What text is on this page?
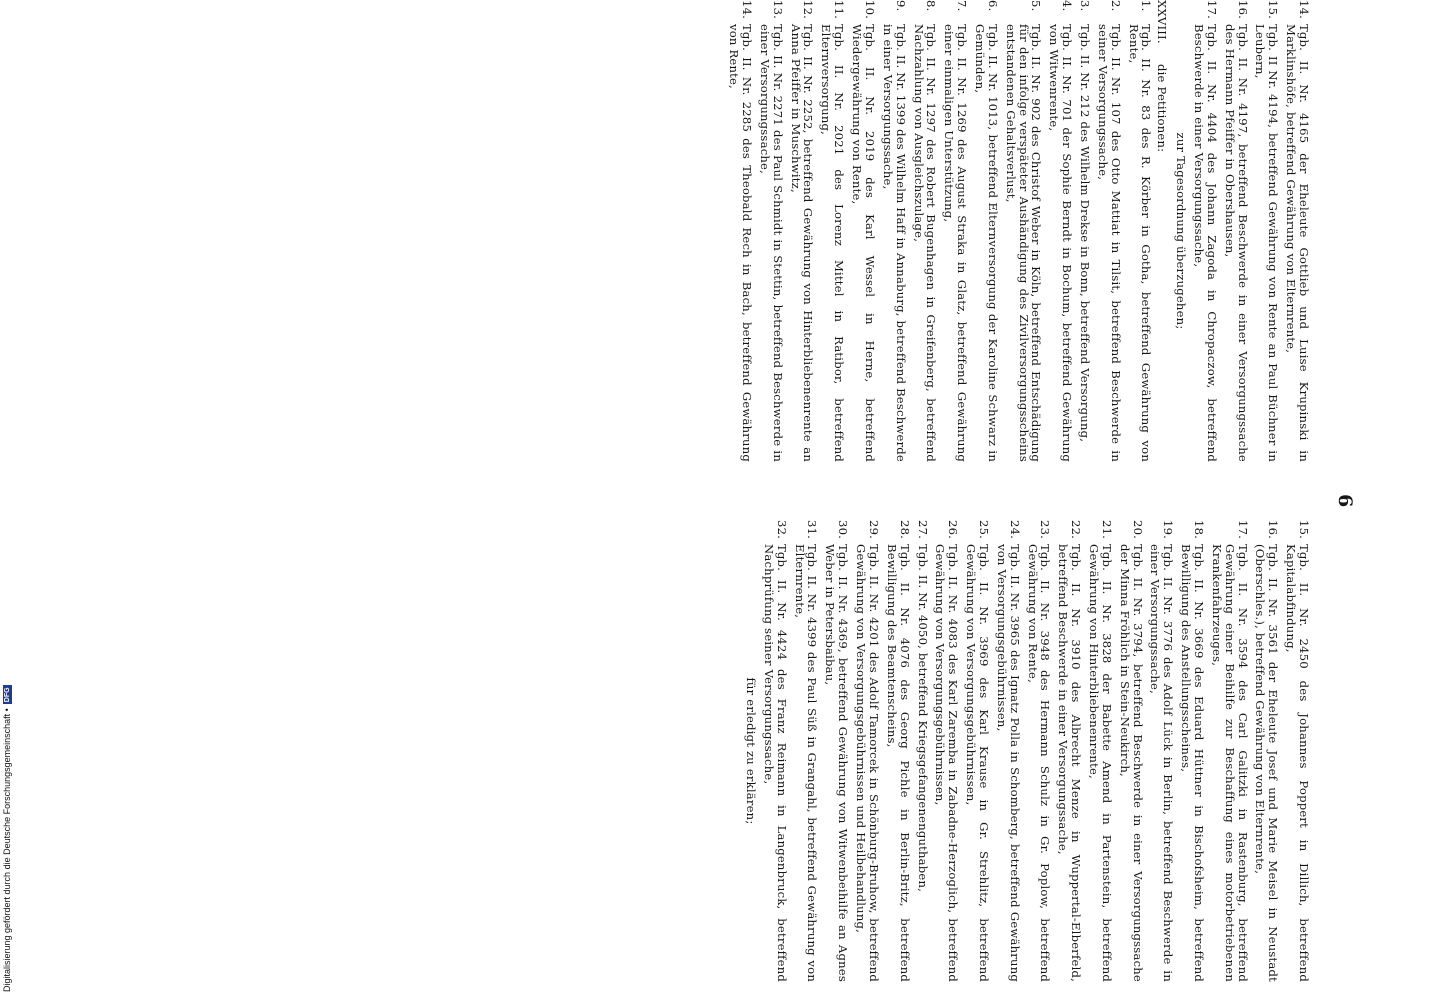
6
14.
Tgb. II. Nr. 4165 der Eheleute Gottlieb und Luise Krupinski in Marklinshöfe, betreffend Gewährung von Elternrente,
15.
Tgb. II Nr. 4194, betreffend Gewährung von Rente an Paul Büchner in Leubern,
16.
Tgb. II. Nr. 4197, betreffend Beschwerde in einer Versorgungssache des Hermann Pfeiffer in Obershausen,
17.
Tgb. II. Nr. 4404 des Johann Zagoda in Chropaczow, betreffend Beschwerde in einer Versorgungssache,
zur Tagesordnung überzugehen;
XXVIII.
die Petitionen:
1.
Tgb. II. Nr. 83 des R. Körber in Gotha, betreffend Gewährung von Rente,
2.
Tgb. II. Nr. 107 des Otto Mattiat in Tilsit, betreffend Beschwerde in seiner Versorgungssache,
3.
Tgb. II. Nr. 212 des Wilhelm Drekse in Bonn, betreffend Versorgung,
4.
Tgb. II. Nr. 701 der Sophie Berndt in Bochum, betreffend Gewährung von Witwenrente,
5.
Tgb. II. Nr. 902 des Christof Weber in Köln, betreffend Entschädigung für den infolge verspäteter Aushändigung des Zivilversorgungsscheins entstandenen Gehaltsverlust,
6.
Tgb. II. Nr. 1013, betreffend Elternversorgung der Karoline Schwarz in Gemünden,
7.
Tgb. II. Nr. 1269 des August Straka in Glatz, betreffend Gewährung einer einmaligen Unterstützung,
8.
Tgb. II. Nr. 1297 des Robert Bugenhagen in Greifenberg, betreffend Nachzahlung von Ausgleichszulage,
9.
Tgb. II. Nr. 1399 des Wilhelm Haff in Annaburg, betreffend Beschwerde in einer Versorgungssache,
10.
Tgb. II. Nr. 2019 des Karl Wessel in Herne, betreffend Wiedergewährung von Rente,
11.
Tgb. II. Nr. 2021 des Lorenz Mittel in Ratibor, betreffend Elternversorgung,
12.
Tgb. II. Nr. 2252, betreffend Gewährung von Hinterbliebenenrente an Anna Pfeiffer in Muschwitz,
13.
Tgb. II. Nr. 2271 des Paul Schmidt in Stettin, betreffend Beschwerde in einer Versorgungssache,
14.
Tgb. II. Nr. 2285 des Theobald Rech in Bach, betreffend Gewährung von Rente,
15.
Tgb. II. Nr. 2450 des Johannes Poppert in Dillich, betreffend Kapitalabfindung,
16.
Tgb. II. Nr. 3561 der Eheleute Josef und Marie Meisel in Neustadt (Oberschles.), betreffend Gewährung von Elternrente,
17.
Tgb. II. Nr. 3594 des Carl Galitzki in Rastenburg, betreffend Gewährung einer Beihilfe zur Beschaffung eines motorbetriebenen Krankenfahrzeuges,
18.
Tgb. II. Nr. 3669 des Eduard Hüttner in Bischofsheim, betreffend Bewilligung des Anstellungsscheines,
19.
Tgb. II. Nr. 3776 des Adolf Lück in Berlin, betreffend Beschwerde in einer Versorgungssache,
20.
Tgb. II. Nr. 3794, betreffend Beschwerde in einer Versorgungssache der Minna Fröhlich in Stein-Neukirch,
21.
Tgb. II. Nr. 3828 der Babette Amend in Partenstein, betreffend Gewährung von Hinterbliebenenrente,
22.
Tgb. II. Nr. 3910 des Albrecht Menze in Wuppertal-Elberfeld, betreffend Beschwerde in einer Versorgungssache,
23.
Tgb. II. Nr. 3948 des Hermann Schulz in Gr. Poplow, betreffend Gewährung von Rente,
24.
Tgb. II. Nr. 3965 des Ignatz Polla in Schomberg, betreffend Gewährung von Versorgungsgebührnissen,
25.
Tgb. II. Nr. 3969 des Karl Krause in Gr. Strehlitz, betreffend Gewährung von Versorgungsgebührnissen,
26.
Tgb. II. Nr. 4083 des Karl Zaremba in Zabadne-Herzoglich, betreffend Gewährung von Versorgungsgebührnissen,
27.
Tgb. II. Nr. 4050, betreffend Kriegsgefangenenguthaben,
28.
Tgb. II. Nr. 4076 des Georg Pichle in Berlin-Britz, betreffend Bewilligung des Beamtenscheins,
29.
Tgb. II. Nr. 4201 des Adolf Tamorcek in Schönburg-Bruhow, betreffend Gewährung von Versorgungsgebührnissen und Heilbehandlung,
30.
Tgb. II. Nr. 4369, betreffend Gewährung von Witwenbeihilfe an Agnes Weber in Petersbaibau,
31.
Tgb. II. Nr. 4399 des Paul Süß in Grangahl, betreffend Gewährung von Elternrente,
32.
Tgb. II. Nr. 4424 des Franz Reimann in Langenbruck, betreffend Nachprüfung seiner Versorgungssache,
für erledigt zu erklären;
Digitalisierung gefördert durch die Deutsche Forschungsgemeinschaft •
DFG
